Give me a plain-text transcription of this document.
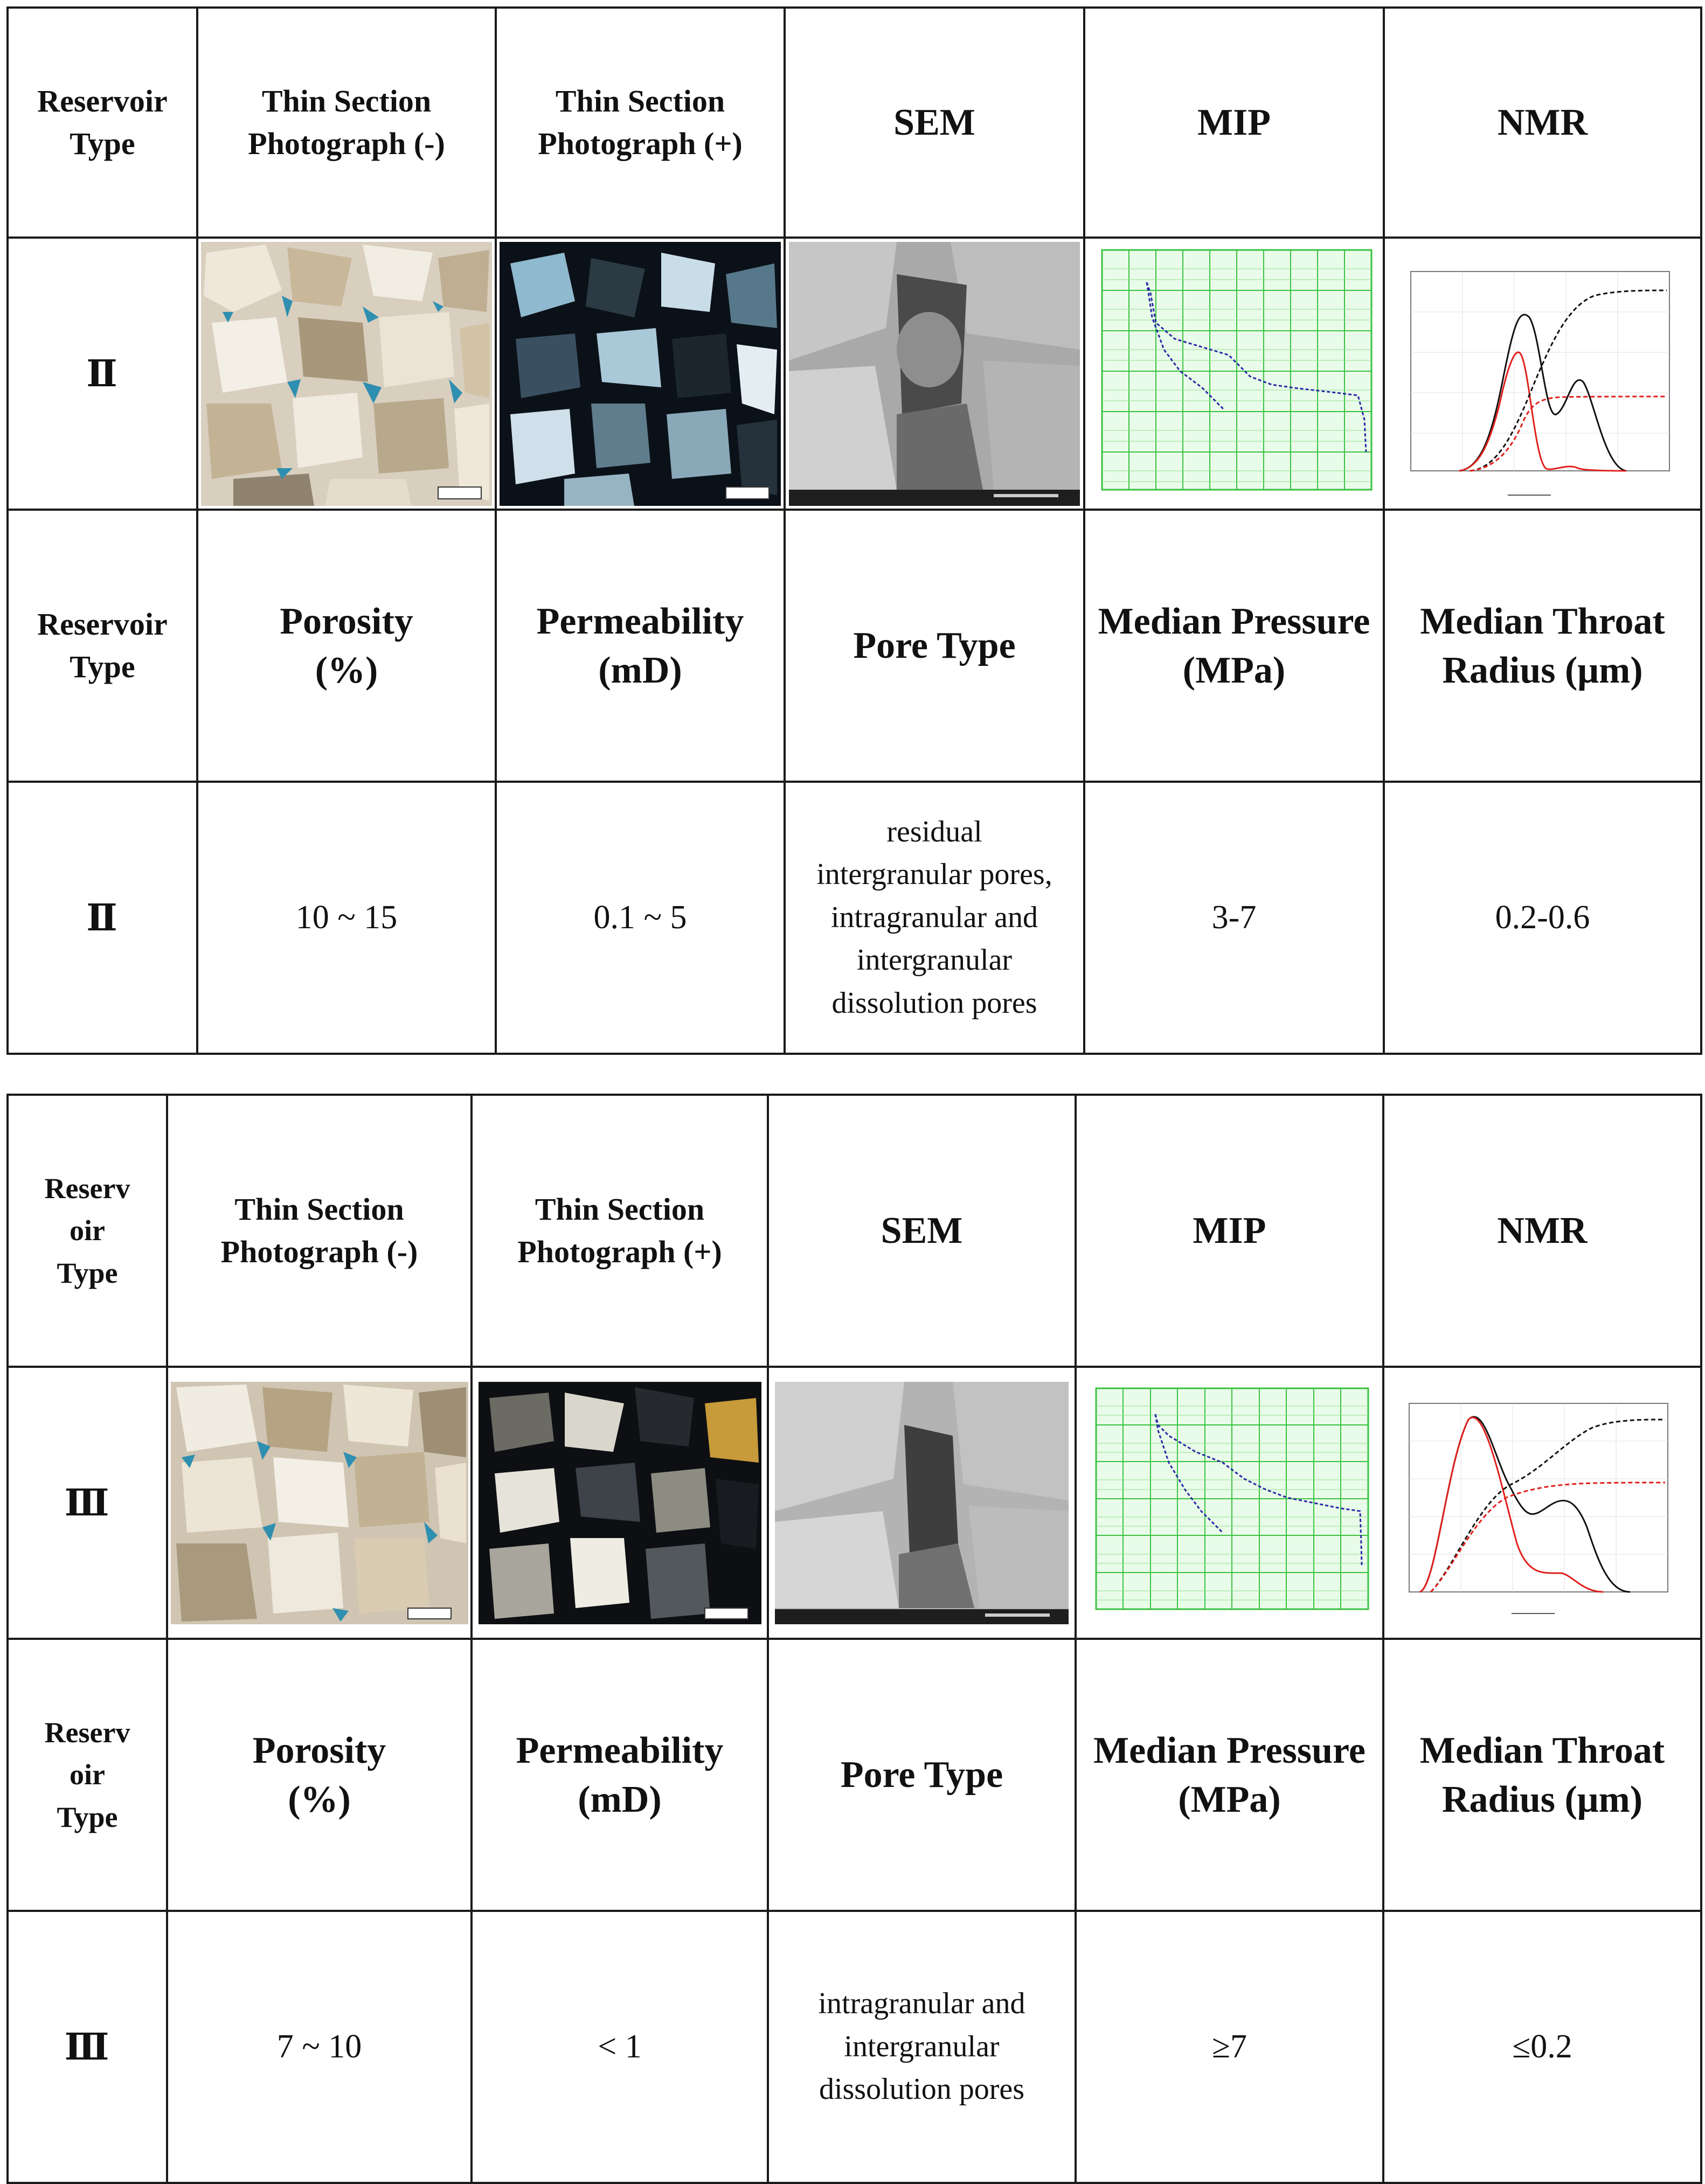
Reservoir Type	Thin Section Photograph (-)	Thin Section Photograph (+)	SEM	MIP	NMR
Ⅱ	

Reservoir Type	Porosity (%)	Permeability (mD)	Pore Type	Median Pressure (MPa)	Median Throat Radius (μm)
Ⅱ	10 ~ 15	0.1 ~ 5	residual intergranular pores, intragranular and intergranular dissolution pores	3-7	0.2-0.6
Reserv oir Type	Thin Section Photograph (-)	Thin Section Photograph (+)	SEM	MIP	NMR
Ⅲ	

Reserv oir Type	Porosity (%)	Permeability (mD)	Pore Type	Median Pressure (MPa)	Median Throat Radius (μm)
Ⅲ	7 ~ 10	< 1	intragranular and intergranular dissolution pores	≥7	≤0.2
